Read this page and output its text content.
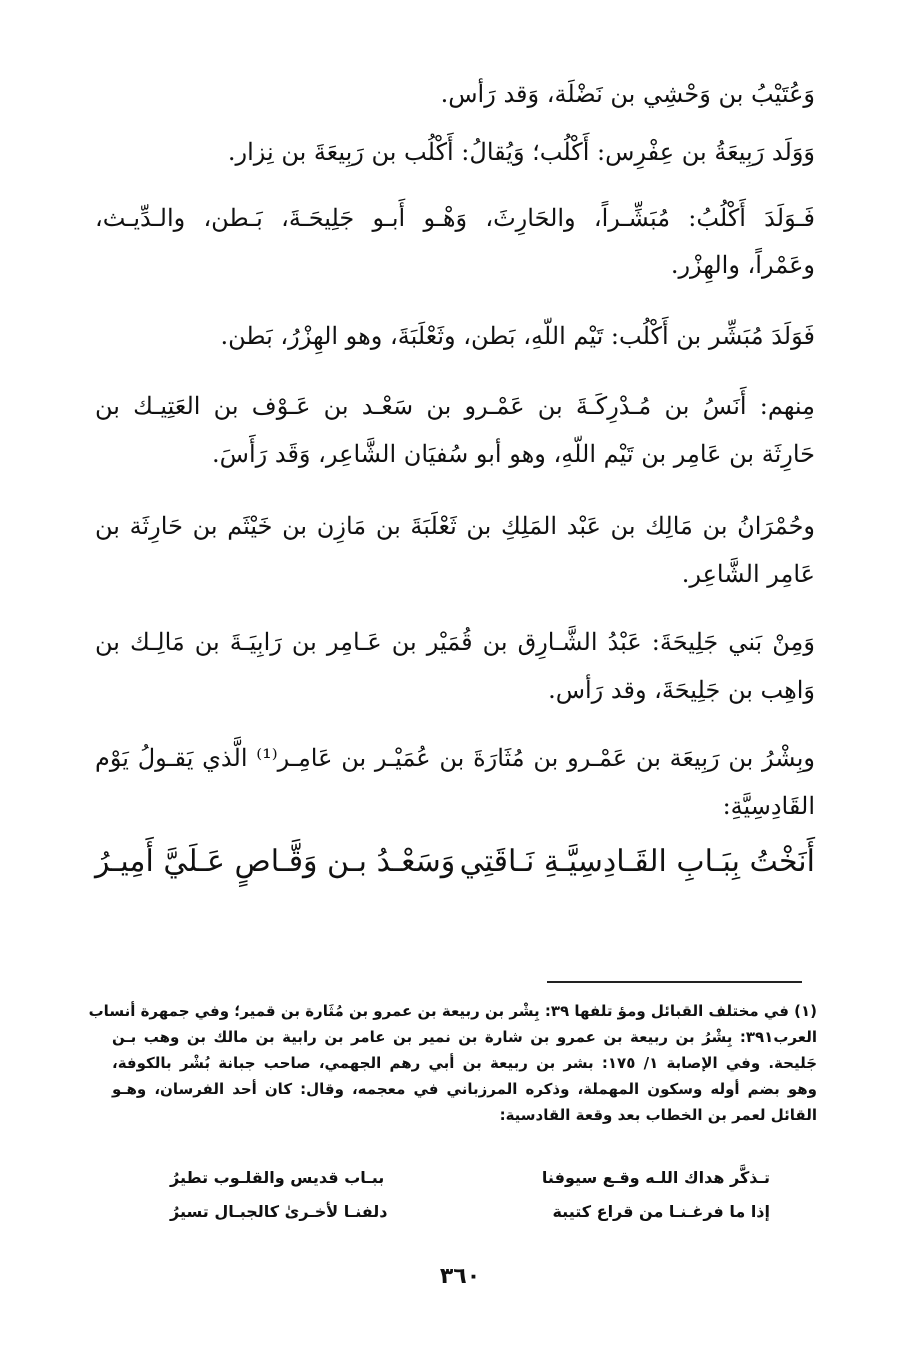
وَعُتَيْبُ بن وَحْشِي بن نَضْلَة، وَقد رَأس.
وَوَلَد رَبِيعَةُ بن عِفْرِس: أَكْلُب؛ وَيُقالُ: أَكْلُب بن رَبِيعَةَ بن نِزار.
فَـوَلَدَ أَكْلُبُ: مُبَشِّـراً، والحَارِثَ، وَهْـو أَبـو جَلِيحَـةَ، بَـطن، والـدِّيـث،
وعَمْراً، والهِزْر.
فَوَلَدَ مُبَشِّر بن أَكْلُب: تَيْم اللّهِ، بَطن، وثَعْلَبَةَ، وهو الهِزْرُ، بَطن.
مِنهم: أَنَسُ بن مُـدْرِكَـةَ بن عَمْـرو بن سَعْـد بن عَـوْف بن العَتِيـك بن
حَارِثَة بن عَامِر بن تَيْم اللّهِ، وهو أبو سُفيَان الشَّاعِر، وَقَد رَأَسَ.
وحُمْرَانُ بن مَالِك بن عَبْد المَلِكِ بن ثَعْلَبَةَ بن مَازِن بن خَيْثَم بن حَارِثَة بن
عَامِر الشَّاعِر.
وَمِنْ بَني جَلِيحَةَ: عَبْدُ الشَّـارِق بن قُمَيْر بن عَـامِر بن رَابِيَـةَ بن مَالِـك بن
وَاهِب بن جَلِيحَةَ، وقد رَأس.
وبِشْرُ بن رَبِيعَة بن عَمْـرو بن مُثَارَةَ بن عُمَيْـر بن عَامِـر⁽¹⁾ الَّذي يَقـولُ يَوْم
القَادِسِيَّةِ:
أَنَخْتُ بِبَـابِ القَـادِسِيَّـةِ نَـاقَتِي
وَسَعْـدُ بـن وَقَّـاصٍ عَـلَيَّ أَمِيـرُ
(١) في مختلف القبائل ومؤ تلفها ٣٩: بِشْر بن ربيعة بن عمرو بن مُثَارة بن قمير؛ وفي جمهرة أنساب
العرب٣٩١: بِشْرُ بن ربيعة بن عمرو بن شارة بن نمير بن عامر بن رابية بن مالك بن وهب بـن
جَليحة. وفي الإصابة ١/ ١٧٥: بشر بن ربيعة بن أبي رهم الجهمي، صاحب جبانة بُشْر بالكوفة،
وهو بضم أوله وسكون المهملة، وذكره المرزباني في معجمه، وقال: كان أحد الفرسان، وهـو
القائل لعمر بن الخطاب بعد وقعة القادسية:
تـذكَّر هداك اللـه وقـع سيوفنا
ببـاب قديس والقلـوب تطيرُ
إذا ما فرغـنـا من قراع كتيبة
دلفنـا لأخـرىٰ كالجبـال تسيرُ
٣٦٠
